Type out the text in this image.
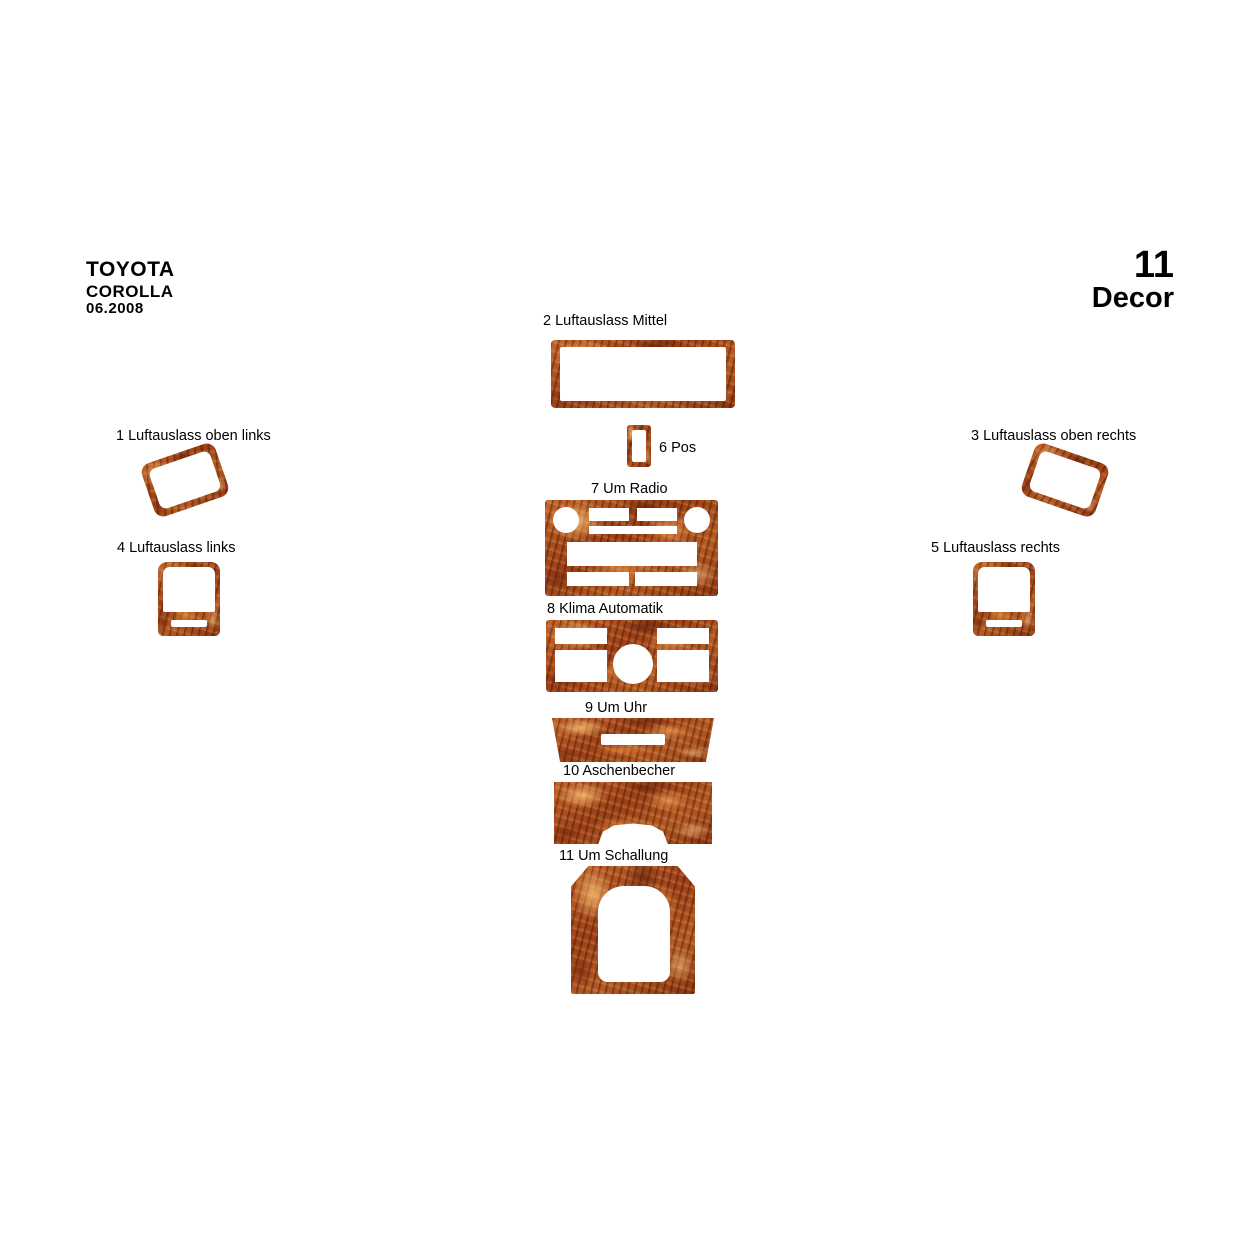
TOYOTA
COROLLA
06.2008
11
Decor
1 Luftauslass oben links
4 Luftauslass links
3 Luftauslass oben rechts
5 Luftauslass rechts
2 Luftauslass Mittel
6 Pos
7 Um Radio
8 Klima Automatik
9 Um Uhr
10 Aschenbecher
11 Um Schallung
